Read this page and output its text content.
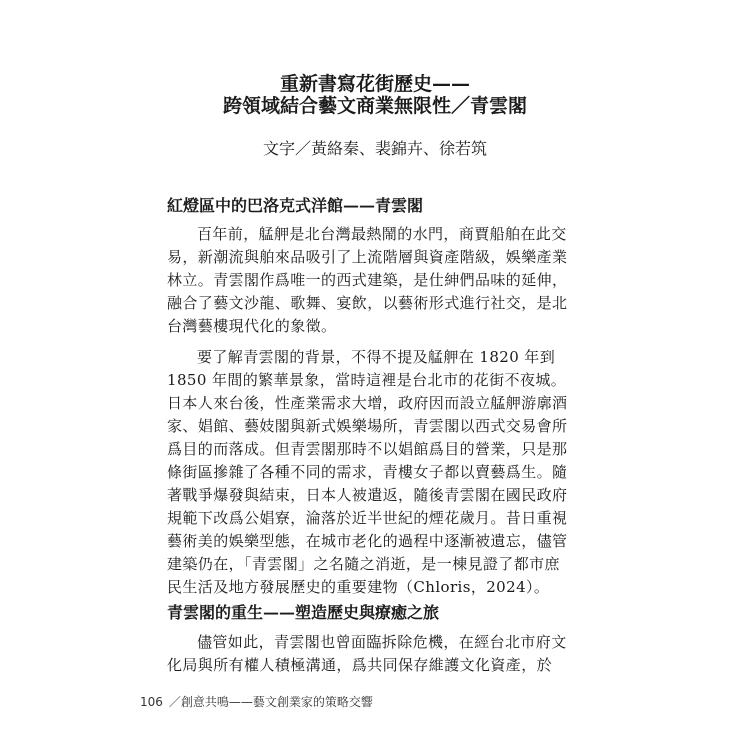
重新書寫花街歷史——
跨領域結合藝文商業無限性／青雲閣
文字／黃絡秦、裴錦卉、徐若筑
紅燈區中的巴洛克式洋館——青雲閣
百年前，艋舺是北台灣最熱鬧的水門，商賈船舶在此交
易，新潮流與舶來品吸引了上流階層與資產階級，娛樂產業
林立。青雲閣作爲唯一的西式建築，是仕紳們品味的延伸，
融合了藝文沙龍、歌舞、宴飲，以藝術形式進行社交，是北
台灣藝樓現代化的象徵。
要了解青雲閣的背景，不得不提及艋舺在 1820 年到
1850 年間的繁華景象，當時這裡是台北市的花街不夜城。
日本人來台後，性產業需求大增，政府因而設立艋舺游廓酒
家、娼館、藝妓閣與新式娛樂場所，青雲閣以西式交易會所
爲目的而落成。但青雲閣那時不以娼館爲目的營業，只是那
條街區摻雜了各種不同的需求，青樓女子都以賣藝爲生。隨
著戰爭爆發與結束，日本人被遣返，隨後青雲閣在國民政府
規範下改爲公娼寮，淪落於近半世紀的煙花歲月。昔日重視
藝術美的娛樂型態，在城市老化的過程中逐漸被遺忘，儘管
建築仍在，「青雲閣」之名隨之消逝，是一棟見證了都市庶
民生活及地方發展歷史的重要建物（Chloris，2024）。
青雲閣的重生——塑造歷史與療癒之旅
儘管如此，青雲閣也曾面臨拆除危機，在經台北市府文
化局與所有權人積極溝通，爲共同保存維護文化資產，於
106 ／創意共鳴——藝文創業家的策略交響
